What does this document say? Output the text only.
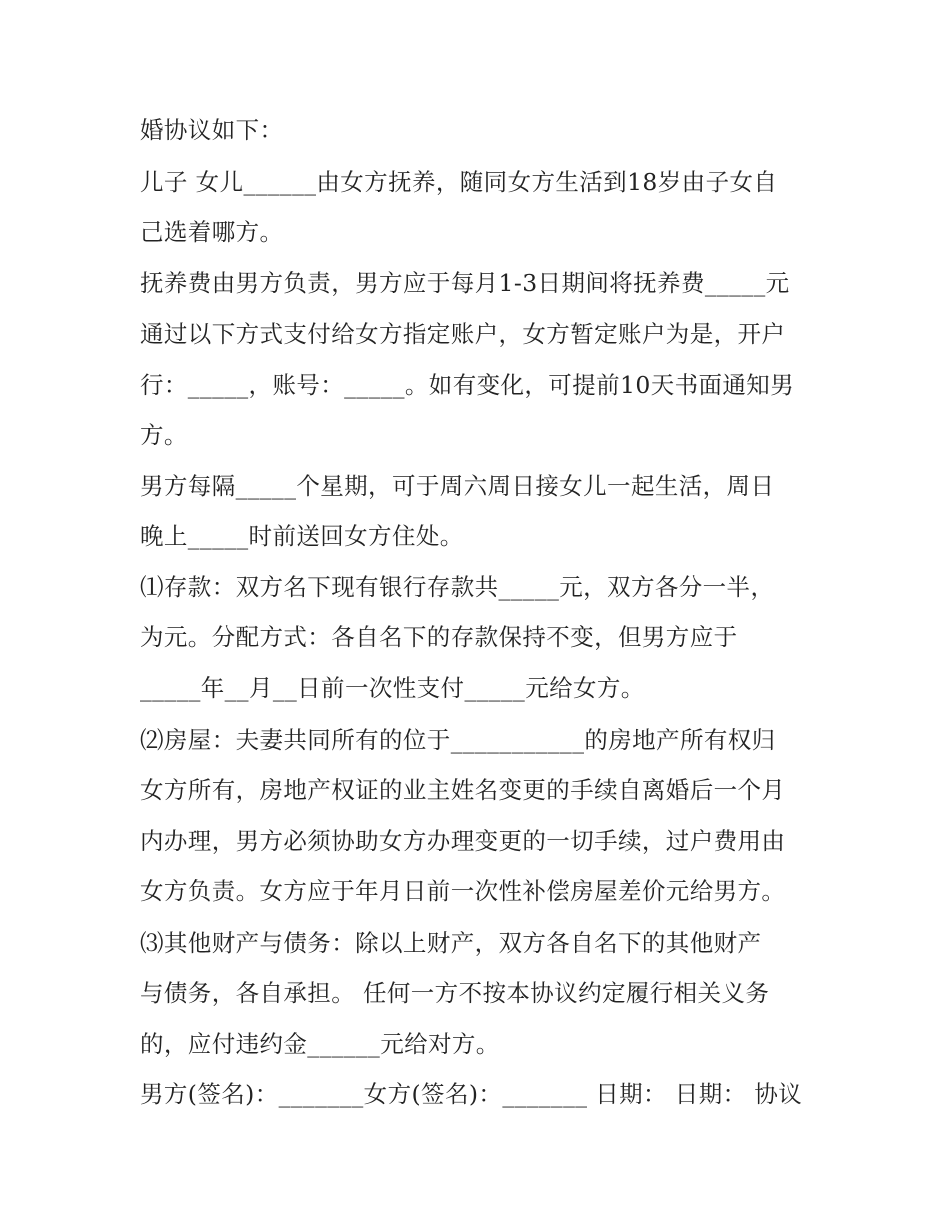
婚协议如下：
儿子 女儿______由女方抚养，随同女方生活到18岁由子女自
己选着哪方。
抚养费由男方负责，男方应于每月1-3日期间将抚养费_____元
通过以下方式支付给女方指定账户，女方暂定账户为是，开户
行：_____，账号：_____。如有变化，可提前10天书面通知男
方。
男方每隔_____个星期，可于周六周日接女儿一起生活，周日
晚上_____时前送回女方住处。
⑴存款：双方名下现有银行存款共_____元，双方各分一半，
为元。分配方式：各自名下的存款保持不变，但男方应于
_____年__月__日前一次性支付_____元给女方。
⑵房屋：夫妻共同所有的位于___________的房地产所有权归
女方所有，房地产权证的业主姓名变更的手续自离婚后一个月
内办理，男方必须协助女方办理变更的一切手续，过户费用由
女方负责。女方应于年月日前一次性补偿房屋差价元给男方。
⑶其他财产与债务：除以上财产，双方各自名下的其他财产
与债务，各自承担。 任何一方不按本协议约定履行相关义务
的，应付违约金______元给对方。
男方(签名)：_______女方(签名)：_______ 日期： 日期： 协议
